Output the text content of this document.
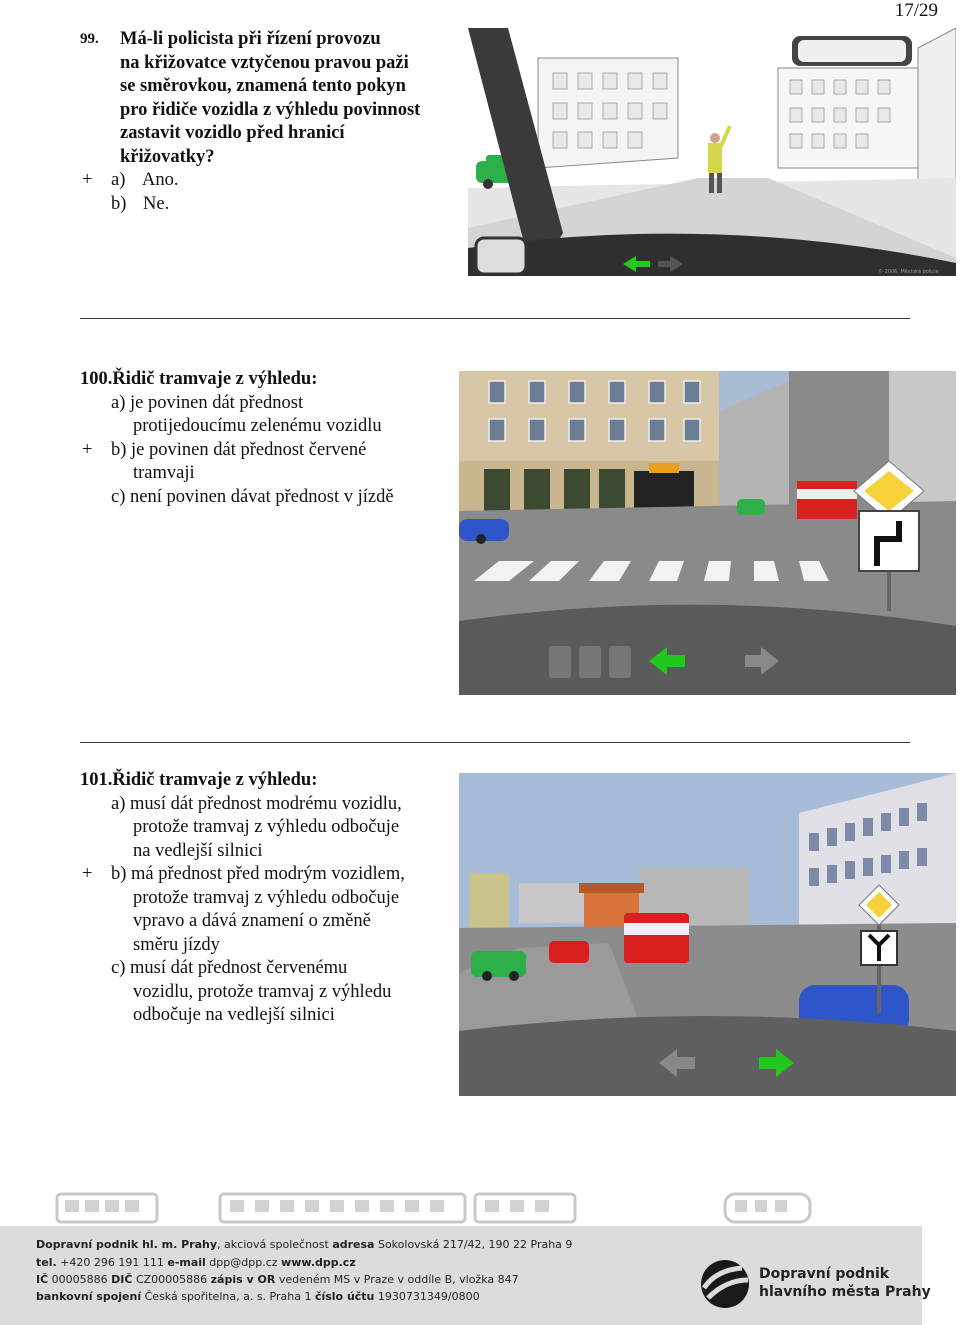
17/29
99. Má-li policista při řízení provozu
na křižovatce vztyčenou pravou paži
se směrovkou, znamená tento pokyn
pro řidiče vozidla z výhledu povinnost
zastavit vozidlo před hranicí
křižovatky?
+	a) Ano.
b) Ne.
© 2006, Městská policie
100.Řidič tramvaje z výhledu:
a) je povinen dát přednost
protijedoucímu zelenému vozidlu
+	b) je povinen dát přednost červené
tramvaji
c) není povinen dávat přednost v jízdě
101.Řidič tramvaje z výhledu:
a) musí dát přednost modrému vozidlu,
protože tramvaj z výhledu odbočuje
na vedlejší silnici
+	b) má přednost před modrým vozidlem,
protože tramvaj z výhledu odbočuje
vpravo a dává znamení o změně
směru jízdy
c) musí dát přednost červenému
vozidlu, protože tramvaj z výhledu
odbočuje na vedlejší silnici
Dopravní podnik hl. m. Prahy, akciová společnost adresa Sokolovská 217/42, 190 22 Praha 9
tel. +420 296 191 111 e-mail dpp@dpp.cz www.dpp.cz
IČ 00005886 DIČ CZ00005886 zápis v OR vedeném MS v Praze v oddíle B, vložka 847
bankovní spojení Česká spořitelna, a. s. Praha 1 číslo účtu 1930731349/0800
Dopravní podnik
hlavního města Prahy
